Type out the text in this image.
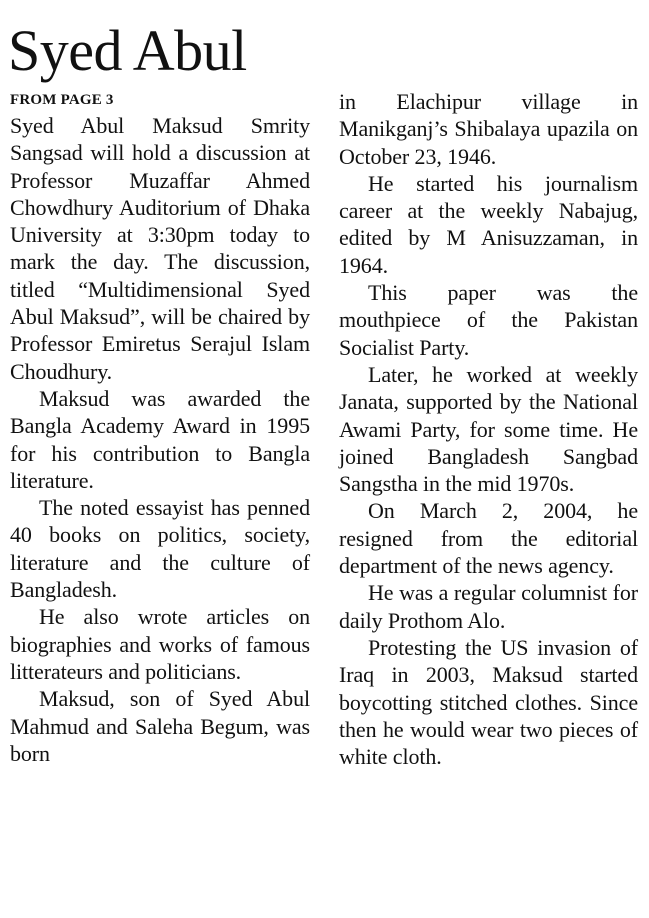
Syed Abul
FROM PAGE 3

Syed Abul Maksud Smrity Sangsad will hold a discussion at Professor Muzaffar Ahmed Chowdhury Auditorium of Dhaka University at 3:30pm today to mark the day. The discussion, titled “Multidimensional Syed Abul Maksud”, will be chaired by Professor Emiretus Serajul Islam Choudhury.

Maksud was awarded the Bangla Academy Award in 1995 for his contribution to Bangla literature.

The noted essayist has penned 40 books on politics, society, literature and the culture of Bangladesh.

He also wrote articles on biographies and works of famous litterateurs and politicians.

Maksud, son of Syed Abul Mahmud and Saleha Begum, was born

in Elachipur village in Manikganj’s Shibalaya upazila on October 23, 1946.

He started his journalism career at the weekly Nabajug, edited by M Anisuzzaman, in 1964.

This paper was the mouthpiece of the Pakistan Socialist Party.

Later, he worked at weekly Janata, supported by the National Awami Party, for some time. He joined Bangladesh Sangbad Sangstha in the mid 1970s.

On March 2, 2004, he resigned from the editorial department of the news agency.

He was a regular columnist for daily Prothom Alo.

Protesting the US invasion of Iraq in 2003, Maksud started boycotting stitched clothes. Since then he would wear two pieces of white cloth.
